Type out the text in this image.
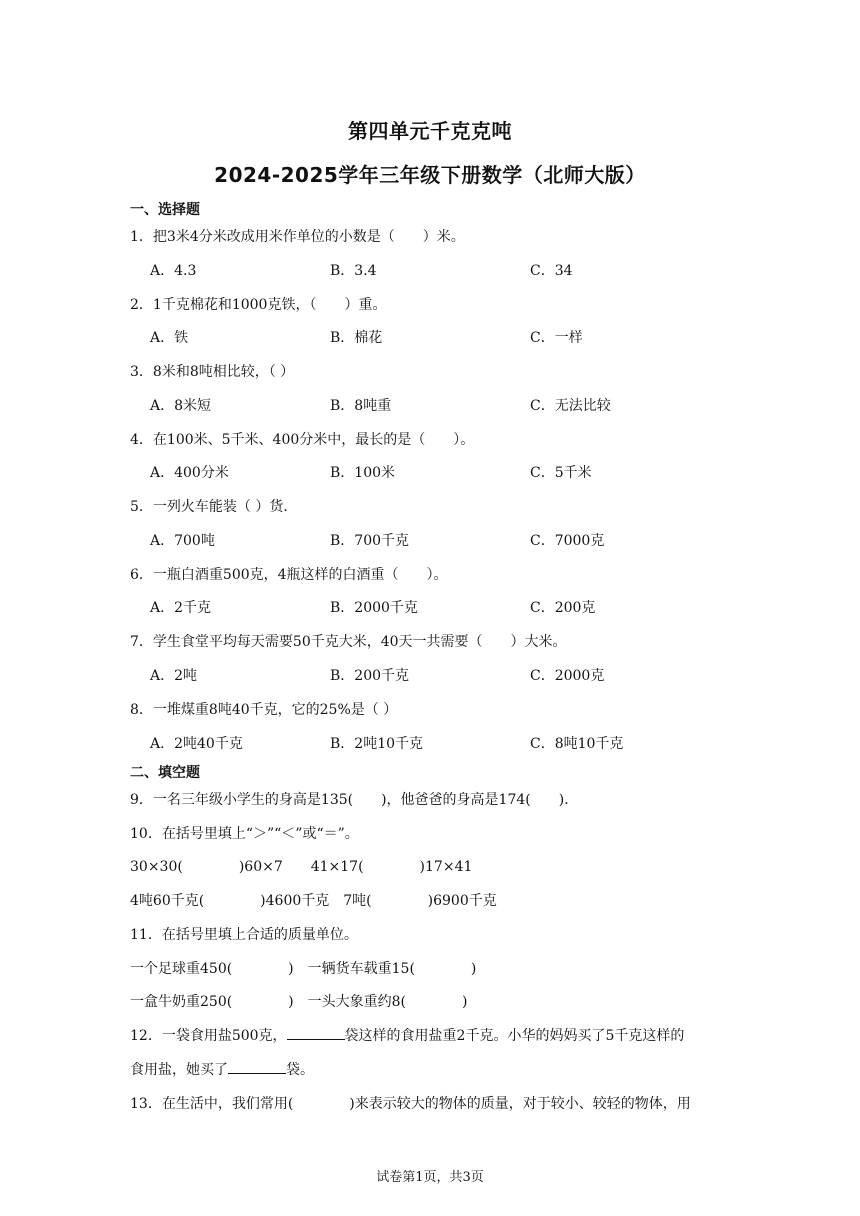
第四单元千克克吨
2024-2025学年三年级下册数学（北师大版）
一、选择题
1．把3米4分米改成用米作单位的小数是（　　）米。
A．4.3	B．3.4	C．34
2．1千克棉花和1000克铁，（　　）重。
A．铁	B．棉花	C．一样
3．8米和8吨相比较，（ ）
A．8米短	B．8吨重	C．无法比较
4．在100米、5千米、400分米中，最长的是（　　）。
A．400分米	B．100米	C．5千米
5．一列火车能装（ ）货．
A．700吨	B．700千克	C．7000克
6．一瓶白酒重500克，4瓶这样的白酒重（　　）。
A．2千克	B．2000千克	C．200克
7．学生食堂平均每天需要50千克大米，40天一共需要（　　）大米。
A．2吨	B．200千克	C．2000克
8．一堆煤重8吨40千克，它的25%是（ ）
A．2吨40千克	B．2吨10千克	C．8吨10千克
二、填空题
9．一名三年级小学生的身高是135(　　)，他爸爸的身高是174(　　)．
10．在括号里填上“＞”“＜”或“＝”。
30×30(　　　　)60×7　　41×17(　　　　)17×41
4吨60千克(　　　　)4600千克　7吨(　　　　)6900千克
11．在括号里填上合适的质量单位。
一个足球重450(　　　　)　一辆货车载重15(　　　　)
一盒牛奶重250(　　　　)　一头大象重约8(　　　　)
12．一袋食用盐500克，	袋这样的食用盐重2千克。小华的妈妈买了5千克这样的
食用盐，她买了	袋。
13．在生活中，我们常用(　　　　)来表示较大的物体的质量，对于较小、较轻的物体，用
试卷第1页，共3页
